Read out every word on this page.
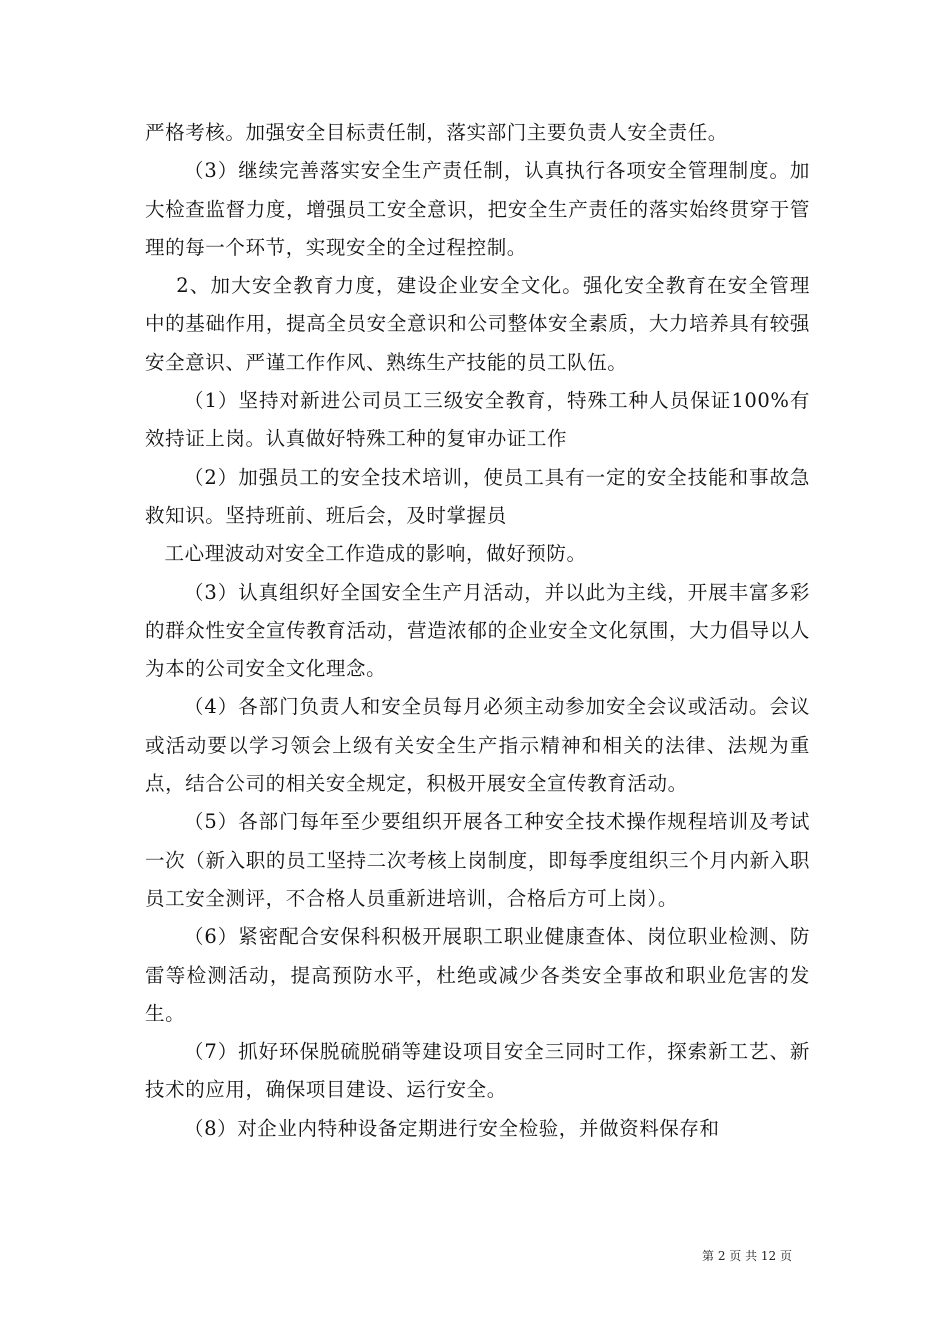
严格考核。加强安全目标责任制，落实部门主要负责人安全责任。

（3）继续完善落实安全生产责任制，认真执行各项安全管理制度。加大检查监督力度，增强员工安全意识，把安全生产责任的落实始终贯穿于管理的每一个环节，实现安全的全过程控制。

2、加大安全教育力度，建设企业安全文化。强化安全教育在安全管理中的基础作用，提高全员安全意识和公司整体安全素质，大力培养具有较强安全意识、严谨工作作风、熟练生产技能的员工队伍。

（1）坚持对新进公司员工三级安全教育，特殊工种人员保证100%有效持证上岗。认真做好特殊工种的复审办证工作

（2）加强员工的安全技术培训，使员工具有一定的安全技能和事故急救知识。坚持班前、班后会，及时掌握员

工心理波动对安全工作造成的影响，做好预防。

（3）认真组织好全国安全生产月活动，并以此为主线，开展丰富多彩的群众性安全宣传教育活动，营造浓郁的企业安全文化氛围，大力倡导以人为本的公司安全文化理念。

（4）各部门负责人和安全员每月必须主动参加安全会议或活动。会议或活动要以学习领会上级有关安全生产指示精神和相关的法律、法规为重点，结合公司的相关安全规定，积极开展安全宣传教育活动。

（5）各部门每年至少要组织开展各工种安全技术操作规程培训及考试一次（新入职的员工坚持二次考核上岗制度，即每季度组织三个月内新入职员工安全测评，不合格人员重新进培训，合格后方可上岗）。

（6）紧密配合安保科积极开展职工职业健康查体、岗位职业检测、防雷等检测活动，提高预防水平，杜绝或减少各类安全事故和职业危害的发生。

（7）抓好环保脱硫脱硝等建设项目安全三同时工作，探索新工艺、新技术的应用，确保项目建设、运行安全。

（8）对企业内特种设备定期进行安全检验，并做资料保存和

第 2 页 共 12 页
